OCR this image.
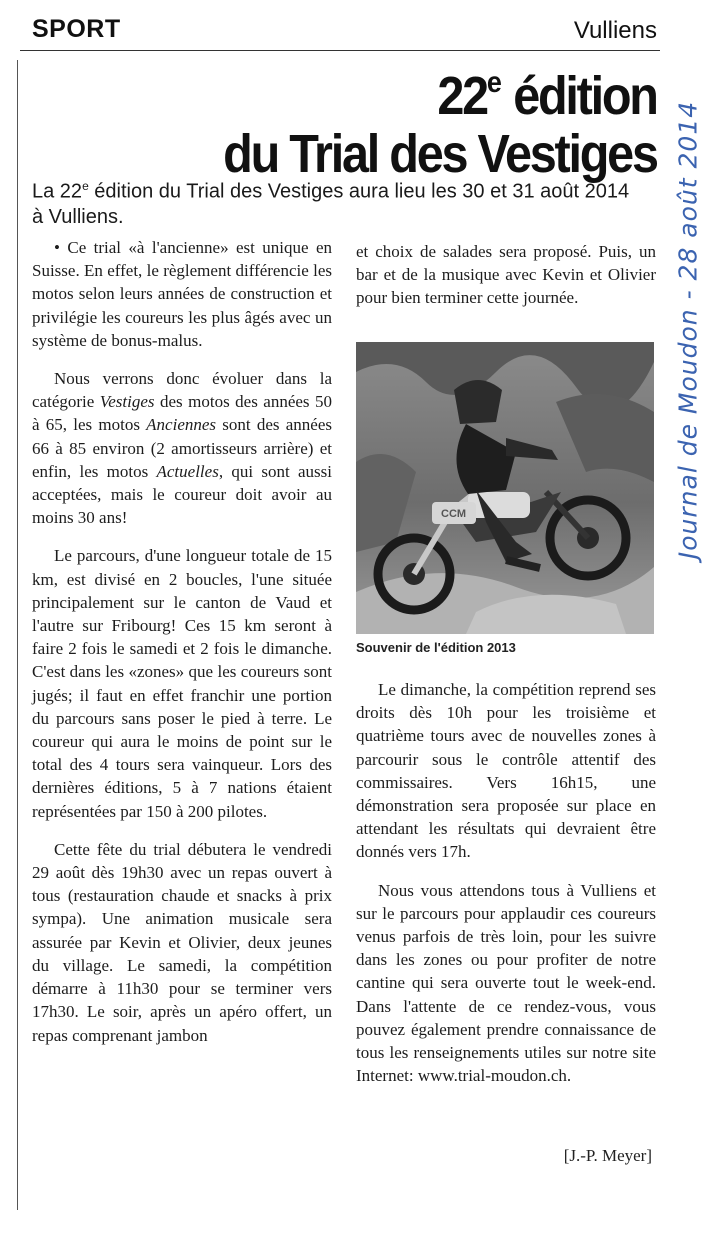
SPORT	Vulliens
22e édition
du Trial des Vestiges
La 22e édition du Trial des Vestiges aura lieu les 30 et 31 août 2014 à Vulliens.

• Ce trial «à l'ancienne» est unique en Suisse. En effet, le règlement différencie les motos selon leurs années de construction et privilégie les coureurs les plus âgés avec un système de bonus-malus.

Nous verrons donc évoluer dans la catégorie Vestiges des motos des années 50 à 65, les motos Anciennes sont des années 66 à 85 environ (2 amortisseurs arrière) et enfin, les motos Actuelles, qui sont aussi acceptées, mais le coureur doit avoir au moins 30 ans!

Le parcours, d'une longueur totale de 15 km, est divisé en 2 boucles, l'une située principalement sur le canton de Vaud et l'autre sur Fribourg! Ces 15 km seront à faire 2 fois le samedi et 2 fois le dimanche. C'est dans les «zones» que les coureurs sont jugés; il faut en effet franchir une portion du parcours sans poser le pied à terre. Le coureur qui aura le moins de point sur le total des 4 tours sera vainqueur. Lors des dernières éditions, 5 à 7 nations étaient représentées par 150 à 200 pilotes.

Cette fête du trial débutera le vendredi 29 août dès 19h30 avec un repas ouvert à tous (restauration chaude et snacks à prix sympa). Une animation musicale sera assurée par Kevin et Olivier, deux jeunes du village. Le samedi, la compétition démarre à 11h30 pour se terminer vers 17h30. Le soir, après un apéro offert, un repas comprenant jambon

et choix de salades sera proposé. Puis, un bar et de la musique avec Kevin et Olivier pour bien terminer cette journée.

CCM
Souvenir de l'édition 2013

Le dimanche, la compétition reprend ses droits dès 10h pour les troisième et quatrième tours avec de nouvelles zones à parcourir sous le contrôle attentif des commissaires. Vers 16h15, une démonstration sera proposée sur place en attendant les résultats qui devraient être donnés vers 17h.

Nous vous attendons tous à Vulliens et sur le parcours pour applaudir ces coureurs venus parfois de très loin, pour les suivre dans les zones ou pour profiter de notre cantine qui sera ouverte tout le week-end. Dans l'attente de ce rendez-vous, vous pouvez également prendre connaissance de tous les renseignements utiles sur notre site Internet: www.trial-moudon.ch.

[J.-P. Meyer]
Journal de Moudon - 28 août 2014
